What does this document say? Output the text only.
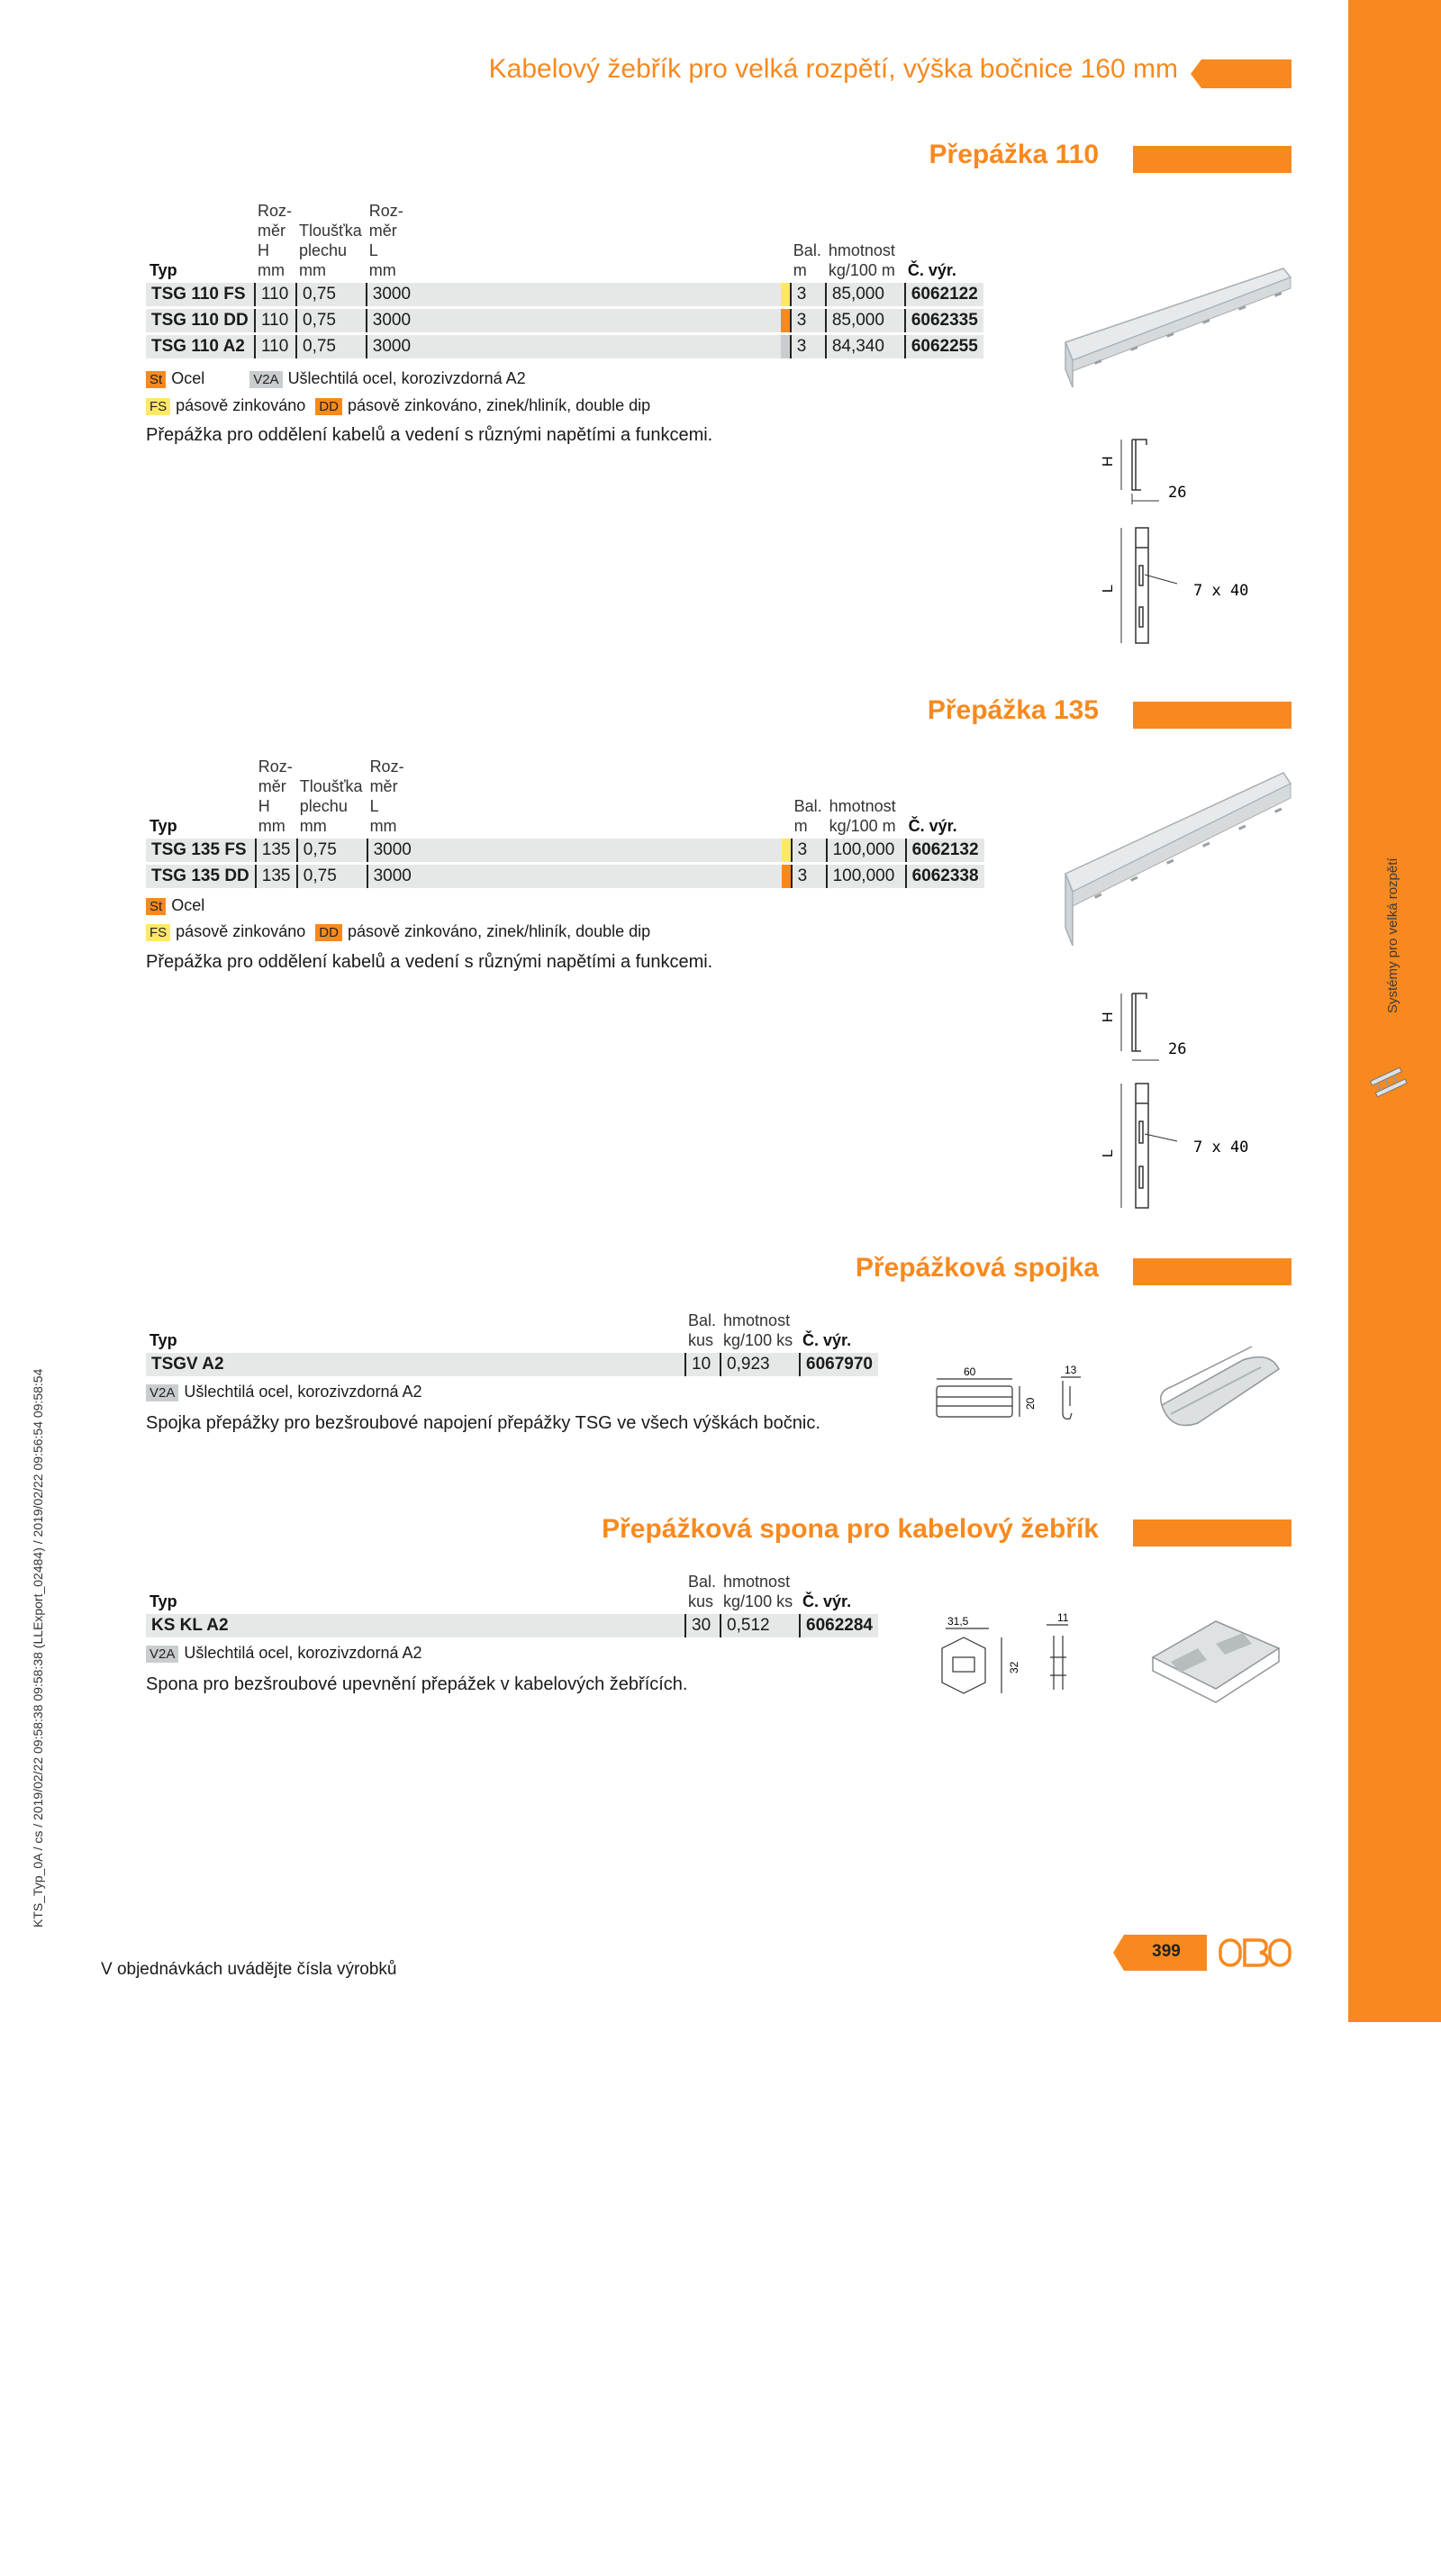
Systémy pro velká rozpětí
Kabelový žebřík pro velká rozpětí, výška bočnice 160 mm
Přepážka 110
Typ	Roz-
měr
H
mm	Tloušťka
plechu
mm	Roz-
měr
L
mm			Bal.
m	hmotnost
kg/100 m	Č. výr.
TSG 110 FS	110	0,75	3000			3	85,000	6062122
TSG 110 DD	110	0,75	3000			3	85,000	6062335
TSG 110 A2	110	0,75	3000			3	84,340	6062255
St Ocel	V2A Ušlechtilá ocel, korozivzdorná A2
FS pásově zinkováno DD pásově zinkováno, zinek/hliník, double dip
Přepážka pro oddělení kabelů a vedení s různými napětími a funkcemi.
H
26
L	7 x 40
Přepážka 135
Typ	Roz-
měr
H
mm	Tloušťka
plechu
mm	Roz-
měr
L
mm			Bal.
m	hmotnost
kg/100 m	Č. výr.
TSG 135 FS	135	0,75	3000			3	100,000	6062132
TSG 135 DD	135	0,75	3000			3	100,000	6062338
St Ocel
FS pásově zinkováno DD pásově zinkováno, zinek/hliník, double dip
Přepážka pro oddělení kabelů a vedení s různými napětími a funkcemi.
H
26
L	7 x 40
Přepážková spojka
Typ	Bal.
kus	hmotnost
kg/100 ks	Č. výr.
TSGV A2	10	0,923	6067970
V2A Ušlechtilá ocel, korozivzdorná A2
Spojka přepážky pro bezšroubové napojení přepážky TSG ve všech výškách bočnic.
60
20
13
Přepážková spona pro kabelový žebřík
Typ	Bal.
kus	hmotnost
kg/100 ks	Č. výr.
KS KL A2	30	0,512	6062284
V2A Ušlechtilá ocel, korozivzdorná A2
Spona pro bezšroubové upevnění přepážek v kabelových žebřících.
31,5
32
11
KTS_Typ_0A / cs / 2019/02/22 09:58:38 09:58:38 (LLExport_02484) / 2019/02/22 09:56:54 09:58:54
V objednávkách uvádějte čísla výrobků
399
